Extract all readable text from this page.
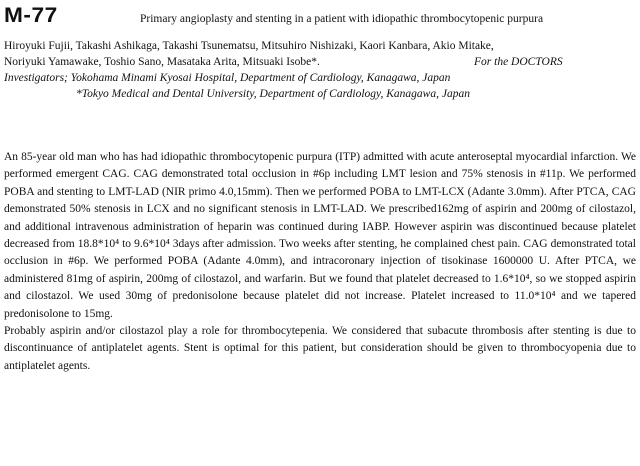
M-77	Primary angioplasty and stenting in a patient with idiopathic thrombocytopenic purpura
Hiroyuki Fujii, Takashi Ashikaga, Takashi Tsunematsu, Mitsuhiro Nishizaki, Kaori Kanbara, Akio Mitake,
Noriyuki Yamawake, Toshio Sano, Masataka Arita, Mitsuaki Isobe*.	For the DOCTORS
Investigators; Yokohama Minami Kyosai Hospital, Department of Cardiology, Kanagawa, Japan
*Tokyo Medical and Dental University, Department of Cardiology, Kanagawa, Japan

An 85-year old man who has had idiopathic thrombocytopenic purpura (ITP) admitted with acute anteroseptal myocardial infarction. We performed emergent CAG. CAG demonstrated total occlusion in #6p including LMT lesion and 75% stenosis in #11p. We performed POBA and stenting to LMT-LAD (NIR primo 4.0,15mm). Then we performed POBA to LMT-LCX (Adante 3.0mm). After PTCA, CAG demonstrated 50% stenosis in LCX and no significant stenosis in LMT-LAD. We prescribed162mg of aspirin and 200mg of cilostazol, and additional intravenous administration of heparin was continued during IABP. However aspirin was discontinued because platelet decreased from 18.8*10⁴ to 9.6*10⁴ 3days after admission. Two weeks after stenting, he complained chest pain. CAG demonstrated total occlusion in #6p. We performed POBA (Adante 4.0mm), and intracoronary injection of tisokinase 1600000 U. After PTCA, we administered 81mg of aspirin, 200mg of cilostazol, and warfarin. But we found that platelet decreased to 1.6*10⁴, so we stopped aspirin and cilostazol. We used 30mg of predonisolone because platelet did not increase. Platelet increased to 11.0*10⁴ and we tapered predonisolone to 15mg.

Probably aspirin and/or cilostazol play a role for thrombocytepenia. We considered that subacute thrombosis after stenting is due to discontinuance of antiplatelet agents. Stent is optimal for this patient, but consideration should be given to thrombocyopenia due to antiplatelet agents.
